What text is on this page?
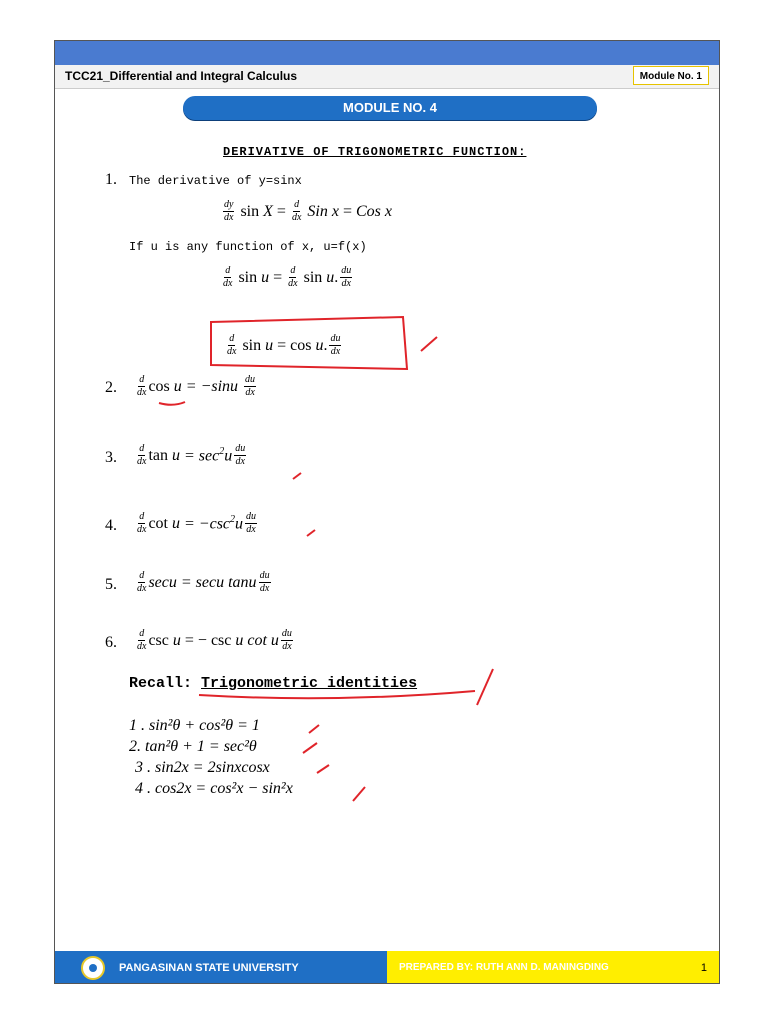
TCC21_Differential and Integral Calculus	Module No. 1
MODULE NO. 4
DERIVATIVE OF TRIGONOMETRIC FUNCTION:
1. The derivative of y=sinx
$\frac{dy}{dx}$ $\sin X = \frac{d}{dx}$ Sin x = Cos x
If u is any function of x, u=f(x)
$\frac{d}{dx}$ $\sin u = \frac{d}{dx}$ sin u. $\frac{du}{dx}$
$\frac{d}{dx}$ sin u = cos u. $\frac{du}{dx}$
2. $\frac{d}{dx}$ $\cos u = -\sin u \frac{du}{dx}$
3. $\frac{d}{dx}$ $\tan u = \sec^2u \frac{du}{dx}$
4. $\frac{d}{dx}$ $\cot u = -\csc^2u \frac{du}{dx}$
5. $\frac{d}{dx}$ secu = secu tanu $\frac{du}{dx}$
6. $\frac{d}{dx}$ csc u = − csc u cot u $\frac{du}{dx}$
Recall: Trigonometric identities
1 . sin²θ + cos²θ = 1
2. tan²θ + 1 = sec²θ
3 . sin2x = 2sinxcosx
4 . cos2x = cos²x − sin²x
PANGASINAN STATE UNIVERSITY	PREPARED BY: RUTH ANN D. MANINGDING	1
